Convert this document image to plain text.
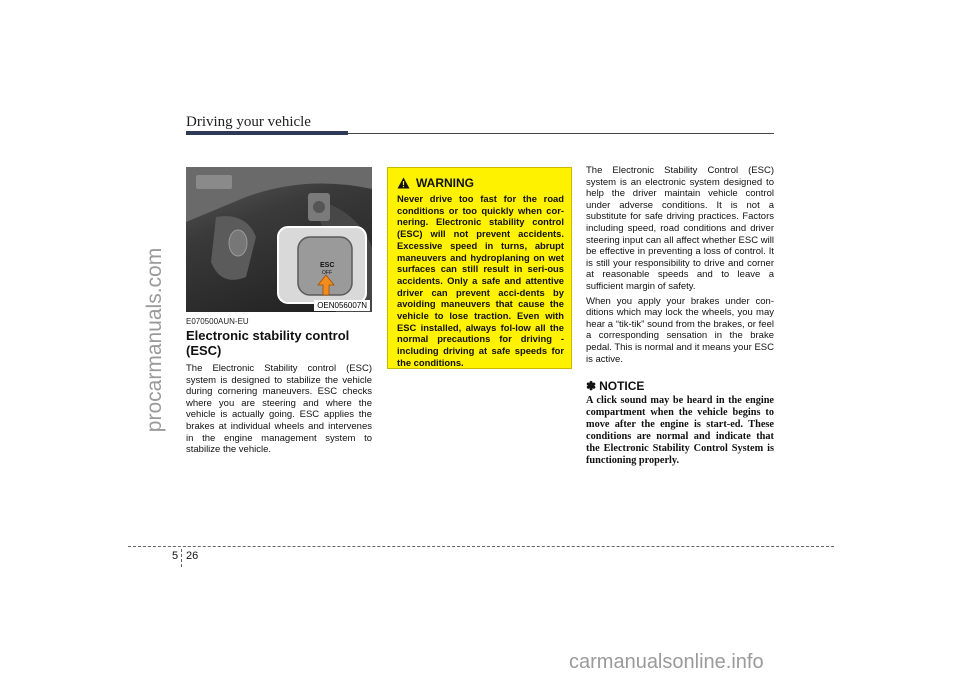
Driving your vehicle
ESC
OFF
OEN056007N

E070500AUN-EU

Electronic stability control (ESC)

The Electronic Stability control (ESC) system is designed to stabilize the vehicle during cornering maneuvers. ESC checks where you are steering and where the vehicle is actually going. ESC applies the brakes at individual wheels and intervenes in the engine management system to stabilize the vehicle.

WARNING

Never drive too fast for the road conditions or too quickly when cor-nering. Electronic stability control (ESC) will not prevent accidents. Excessive speed in turns, abrupt maneuvers and hydroplaning on wet surfaces can still result in seri-ous accidents. Only a safe and attentive driver can prevent acci-dents by avoiding maneuvers that cause the vehicle to lose traction. Even with ESC installed, always fol-low all the normal precautions for driving - including driving at safe speeds for the conditions.

The Electronic Stability Control (ESC) system is an electronic system designed to help the driver maintain vehicle control under adverse conditions. It is not a substitute for safe driving practices. Factors including speed, road conditions and driver steering input can all affect whether ESC will be effective in preventing a loss of control. It is still your responsibility to drive and corner at reasonable speeds and to leave a sufficient margin of safety.

When you apply your brakes under con-ditions which may lock the wheels, you may hear a “tik-tik” sound from the brakes, or feel a corresponding sensation in the brake pedal. This is normal and it means your ESC is active.

✽ NOTICE

A click sound may be heard in the engine compartment when the vehicle begins to move after the engine is start-ed. These conditions are normal and indicate that the Electronic Stability Control System is functioning properly.

5 26
procarmanuals.com
carmanualsonline.info
